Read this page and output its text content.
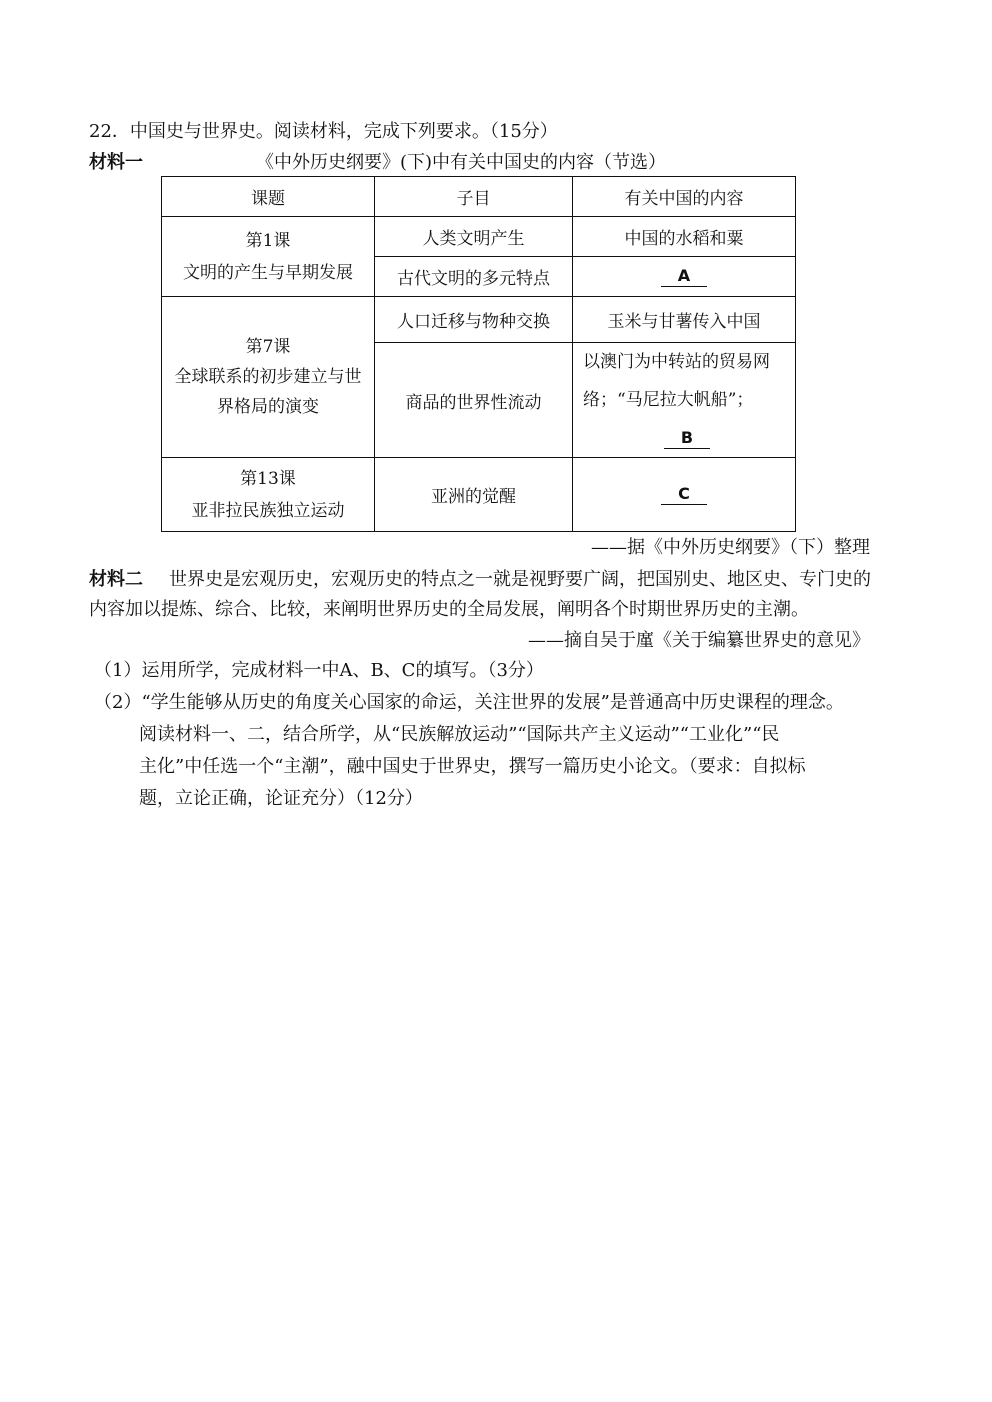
22．中国史与世界史。阅读材料，完成下列要求。（15分）
材料一	《中外历史纲要》(下)中有关中国史的内容（节选）
课题	子目	有关中国的内容

第1课
文明的产生与早期发展	人类文明产生	中国的水稻和粟
	古代文明的多元特点	A

第7课
全球联系的初步建立与世
界格局的演变	人口迁移与物种交换	玉米与甘薯传入中国
	商品的世界性流动	以澳门为中转站的贸易网
络；“马尼拉大帆船”；
B

第13课
亚非拉民族独立运动	亚洲的觉醒	C
——据《中外历史纲要》（下）整理
材料二 世界史是宏观历史，宏观历史的特点之一就是视野要广阔，把国别史、地区史、专门史的内容加以提炼、综合、比较，来阐明世界历史的全局发展，阐明各个时期世界历史的主潮。
——摘自吴于廑《关于编纂世界史的意见》
（1）运用所学，完成材料一中A、B、C的填写。（3分）
（2）“学生能够从历史的角度关心国家的命运，关注世界的发展”是普通高中历史课程的理念。
阅读材料一、二，结合所学，从“民族解放运动”“国际共产主义运动”“工业化”“民
主化”中任选一个“主潮”，融中国史于世界史，撰写一篇历史小论文。（要求：自拟标
题，立论正确，论证充分）（12分）
